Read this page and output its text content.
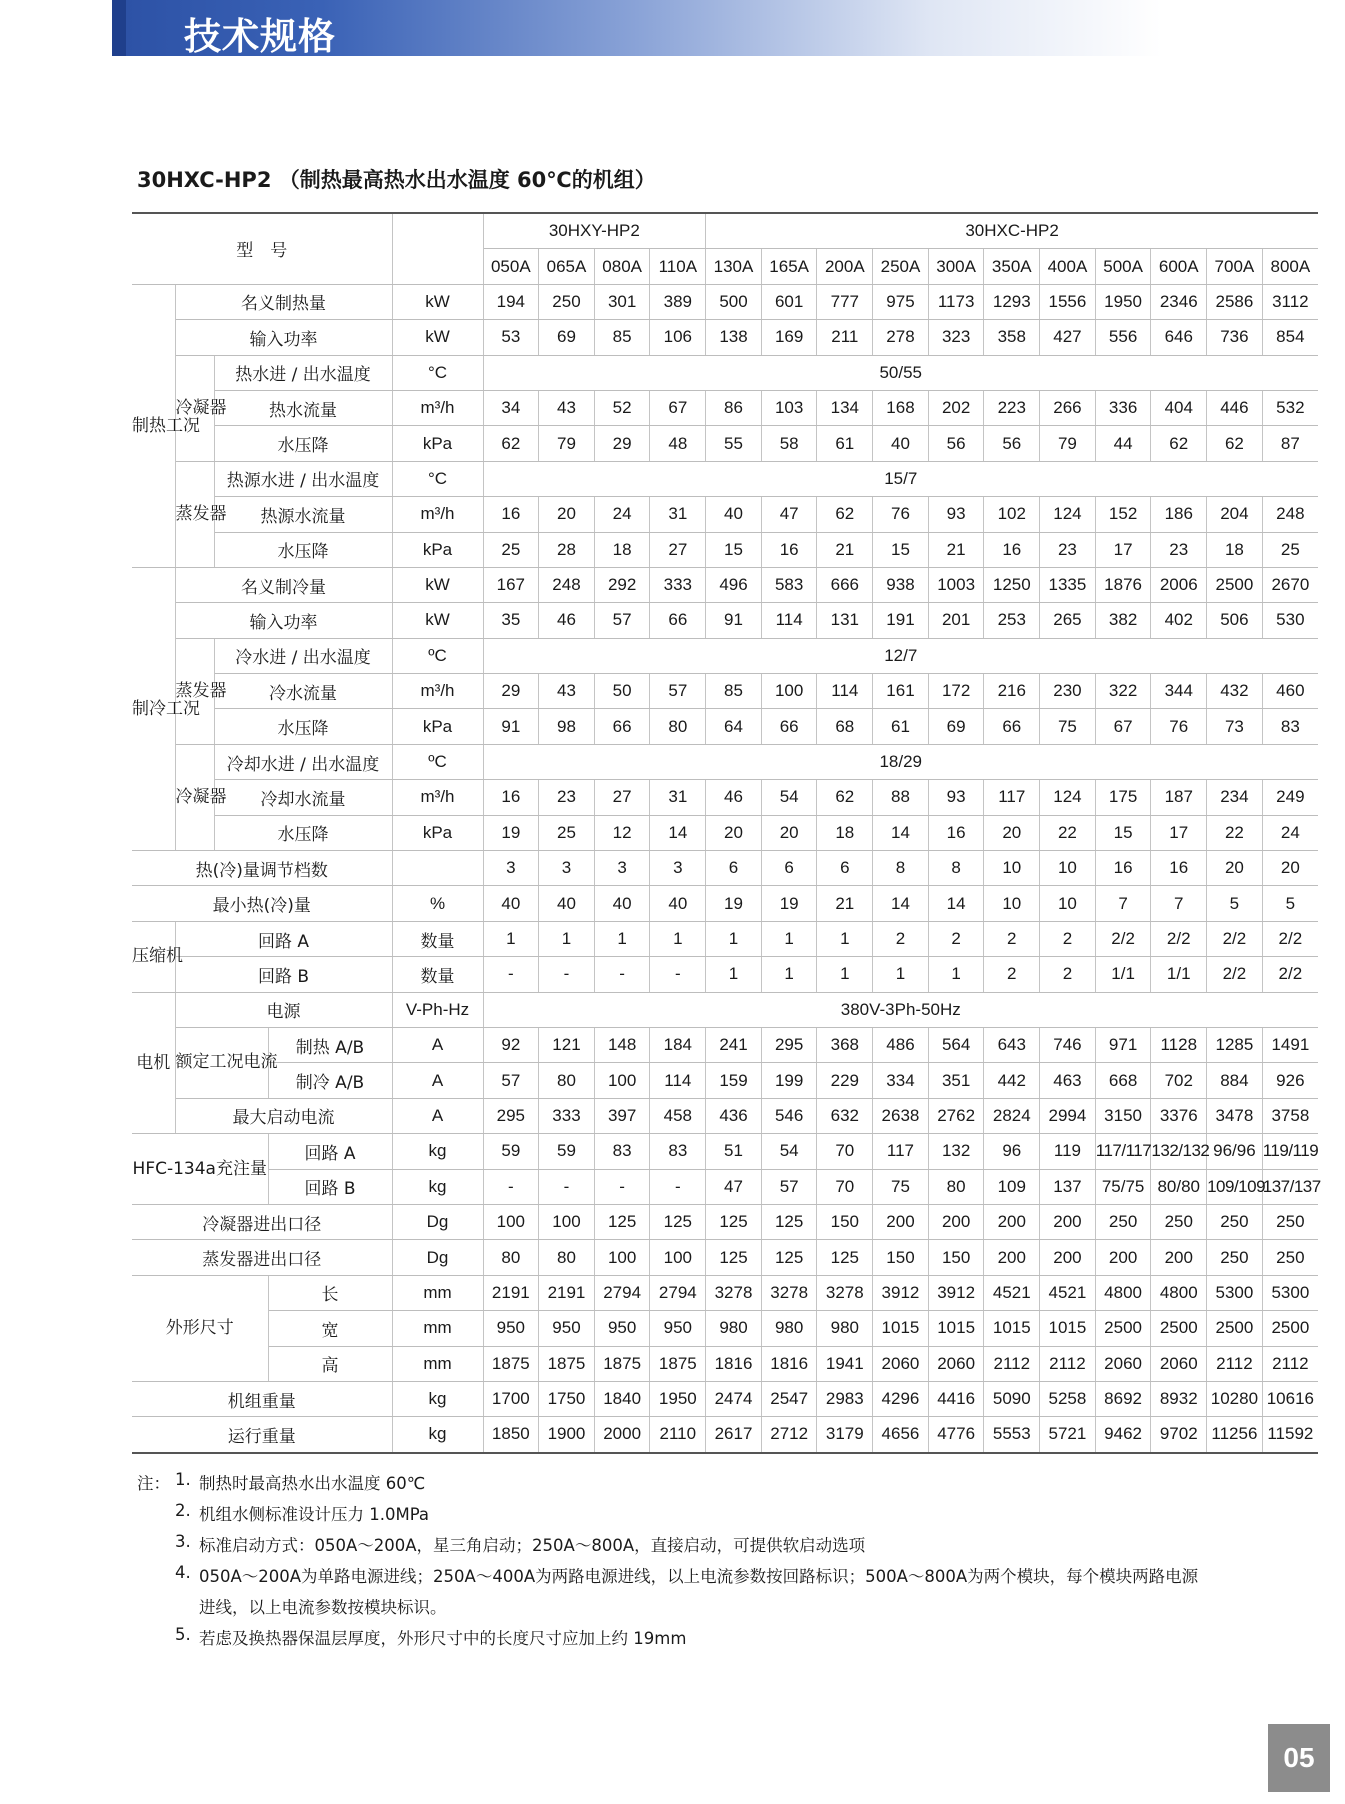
技术规格
30HXC-HP2 （制热最高热水出水温度 60℃的机组）
型　号					30HXY-HP2				30HXC-HP2										
					050A	065A	080A	110A	130A	165A	200A	250A	300A	350A	400A	500A	600A	700A	800A
制热工况	名义制热量			kW	194	250	301	389	500	601	777	975	1173	1293	1556	1950	2346	2586	3112
	输入功率			kW	53	69	85	106	138	169	211	278	323	358	427	556	646	736	854
	冷凝器	热水进 / 出水温度		°C	50/55														
		热水流量		m³/h	34	43	52	67	86	103	134	168	202	223	266	336	404	446	532
		水压降		kPa	62	79	29	48	55	58	61	40	56	56	79	44	62	62	87
	蒸发器	热源水进 / 出水温度		°C	15/7														
		热源水流量		m³/h	16	20	24	31	40	47	62	76	93	102	124	152	186	204	248
		水压降		kPa	25	28	18	27	15	16	21	15	21	16	23	17	23	18	25
制冷工况	名义制冷量			kW	167	248	292	333	496	583	666	938	1003	1250	1335	1876	2006	2500	2670
	输入功率			kW	35	46	57	66	91	114	131	191	201	253	265	382	402	506	530
	蒸发器	冷水进 / 出水温度		ºC	12/7														
		冷水流量		m³/h	29	43	50	57	85	100	114	161	172	216	230	322	344	432	460
		水压降		kPa	91	98	66	80	64	66	68	61	69	66	75	67	76	73	83
	冷凝器	冷却水进 / 出水温度		ºC	18/29														
		冷却水流量		m³/h	16	23	27	31	46	54	62	88	93	117	124	175	187	234	249
		水压降		kPa	19	25	12	14	20	20	18	14	16	20	22	15	17	22	24
热(冷)量调节档数					3	3	3	3	6	6	6	8	8	10	10	16	16	20	20
最小热(冷)量				%	40	40	40	40	19	19	21	14	14	10	10	7	7	5	5
压缩机	回路 A			数量	1	1	1	1	1	1	1	2	2	2	2	2/2	2/2	2/2	2/2
	回路 B			数量	-	-	-	-	1	1	1	1	1	2	2	1/1	1/1	2/2	2/2
电机	电源			V-Ph-Hz	380V-3Ph-50Hz														
	额定工况电流		制热 A/B	A	92	121	148	184	241	295	368	486	564	643	746	971	1128	1285	1491
			制冷 A/B	A	57	80	100	114	159	199	229	334	351	442	463	668	702	884	926
	最大启动电流			A	295	333	397	458	436	546	632	2638	2762	2824	2994	3150	3376	3478	3758
HFC-134a充注量			回路 A	kg	59	59	83	83	51	54	70	117	132	96	119	117/117	132/132	96/96	119/119
			回路 B	kg	-	-	-	-	47	57	70	75	80	109	137	75/75	80/80	109/109	137/137
冷凝器进出口径				Dg	100	100	125	125	125	125	150	200	200	200	200	250	250	250	250
蒸发器进出口径				Dg	80	80	100	100	125	125	125	150	150	200	200	200	200	250	250
外形尺寸			长	mm	2191	2191	2794	2794	3278	3278	3278	3912	3912	4521	4521	4800	4800	5300	5300
			宽	mm	950	950	950	950	980	980	980	1015	1015	1015	1015	2500	2500	2500	2500
			高	mm	1875	1875	1875	1875	1816	1816	1941	2060	2060	2112	2112	2060	2060	2112	2112
机组重量				kg	1700	1750	1840	1950	2474	2547	2983	4296	4416	5090	5258	8692	8932	10280	10616
运行重量				kg	1850	1900	2000	2110	2617	2712	3179	4656	4776	5553	5721	9462	9702	11256	11592
注： 1. 制热时最高热水出水温度 60℃
2. 机组水侧标准设计压力 1.0MPa
3. 标准启动方式：050A～200A，星三角启动；250A～800A，直接启动，可提供软启动选项
4. 050A～200A为单路电源进线；250A～400A为两路电源进线，以上电流参数按回路标识；500A～800A为两个模块，每个模块两路电源
进线，以上电流参数按模块标识。
5. 若虑及换热器保温层厚度，外形尺寸中的长度尺寸应加上约 19mm
05
